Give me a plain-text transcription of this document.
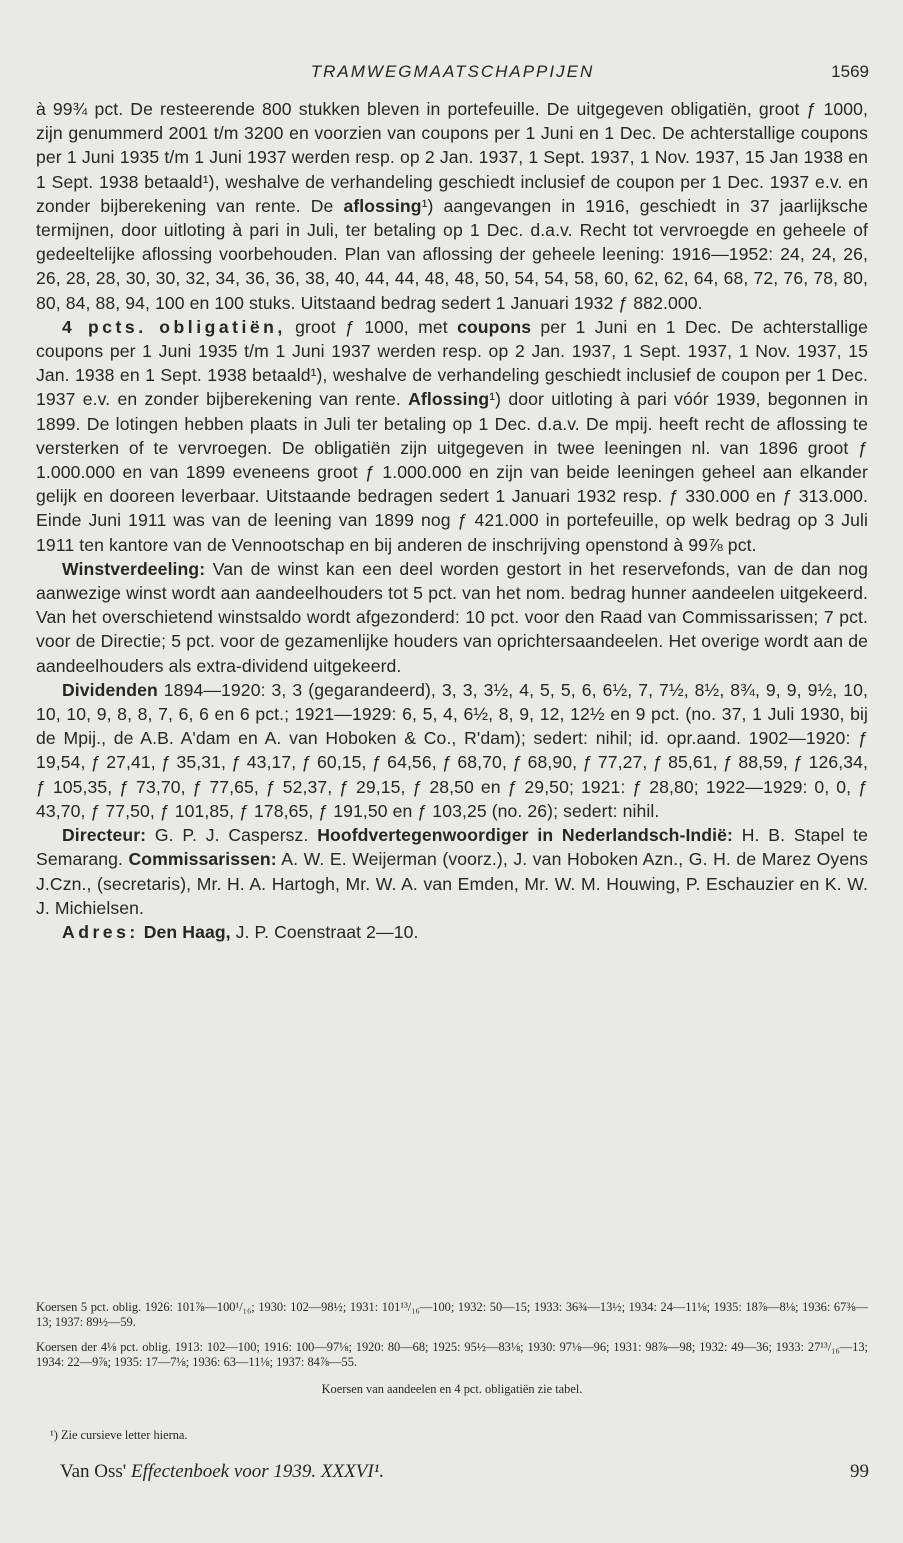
TRAMWEGMAATSCHAPPIJEN	1569

à 99¾ pct. De resteerende 800 stukken bleven in portefeuille. De uitgegeven obligatiën, groot ƒ 1000, zijn genummerd 2001 t/m 3200 en voorzien van coupons per 1 Juni en 1 Dec. De achterstallige coupons per 1 Juni 1935 t/m 1 Juni 1937 werden resp. op 2 Jan. 1937, 1 Sept. 1937, 1 Nov. 1937, 15 Jan 1938 en 1 Sept. 1938 betaald¹), weshalve de verhandeling geschiedt inclusief de coupon per 1 Dec. 1937 e.v. en zonder bijberekening van rente. De aflossing¹) aangevangen in 1916, geschiedt in 37 jaarlijksche termijnen, door uitloting à pari in Juli, ter betaling op 1 Dec. d.a.v. Recht tot vervroegde en geheele of gedeeltelijke aflossing voorbehouden. Plan van aflossing der geheele leening: 1916—1952: 24, 24, 26, 26, 28, 28, 30, 30, 32, 34, 36, 36, 38, 40, 44, 44, 48, 48, 50, 54, 54, 58, 60, 62, 62, 64, 68, 72, 76, 78, 80, 80, 84, 88, 94, 100 en 100 stuks. Uitstaand bedrag sedert 1 Januari 1932 ƒ 882.000.

4 pcts. obligatiën, groot ƒ 1000, met coupons per 1 Juni en 1 Dec. De achterstallige coupons per 1 Juni 1935 t/m 1 Juni 1937 werden resp. op 2 Jan. 1937, 1 Sept. 1937, 1 Nov. 1937, 15 Jan. 1938 en 1 Sept. 1938 betaald¹), weshalve de verhandeling geschiedt inclusief de coupon per 1 Dec. 1937 e.v. en zonder bijberekening van rente. Aflossing¹) door uitloting à pari vóór 1939, begonnen in 1899. De lotingen hebben plaats in Juli ter betaling op 1 Dec. d.a.v. De mpij. heeft recht de aflossing te versterken of te vervroegen. De obligatiën zijn uitgegeven in twee leeningen nl. van 1896 groot ƒ 1.000.000 en van 1899 eveneens groot ƒ 1.000.000 en zijn van beide leeningen geheel aan elkander gelijk en dooreen leverbaar. Uitstaande bedragen sedert 1 Januari 1932 resp. ƒ 330.000 en ƒ 313.000. Einde Juni 1911 was van de leening van 1899 nog ƒ 421.000 in portefeuille, op welk bedrag op 3 Juli 1911 ten kantore van de Vennootschap en bij anderen de inschrijving openstond à 99⅞ pct.

Winstverdeeling: Van de winst kan een deel worden gestort in het reservefonds, van de dan nog aanwezige winst wordt aan aandeelhouders tot 5 pct. van het nom. bedrag hunner aandeelen uitgekeerd. Van het overschietend winstsaldo wordt afgezonderd: 10 pct. voor den Raad van Commissarissen; 7 pct. voor de Directie; 5 pct. voor de gezamenlijke houders van oprichtersaandeelen. Het overige wordt aan de aandeelhouders als extra-dividend uitgekeerd.

Dividenden 1894—1920: 3, 3 (gegarandeerd), 3, 3, 3½, 4, 5, 5, 6, 6½, 7, 7½, 8½, 8¾, 9, 9, 9½, 10, 10, 10, 9, 8, 8, 7, 6, 6 en 6 pct.; 1921—1929: 6, 5, 4, 6½, 8, 9, 12, 12½ en 9 pct. (no. 37, 1 Juli 1930, bij de Mpij., de A.B. A'dam en A. van Hoboken & Co., R'dam); sedert: nihil; id. opr.aand. 1902—1920: ƒ 19,54, ƒ 27,41, ƒ 35,31, ƒ 43,17, ƒ 60,15, ƒ 64,56, ƒ 68,70, ƒ 68,90, ƒ 77,27, ƒ 85,61, ƒ 88,59, ƒ 126,34, ƒ 105,35, ƒ 73,70, ƒ 77,65, ƒ 52,37, ƒ 29,15, ƒ 28,50 en ƒ 29,50; 1921: ƒ 28,80; 1922—1929: 0, 0, ƒ 43,70, ƒ 77,50, ƒ 101,85, ƒ 178,65, ƒ 191,50 en ƒ 103,25 (no. 26); sedert: nihil.

Directeur: G. P. J. Caspersz. Hoofdvertegenwoordiger in Nederlandsch-Indië: H. B. Stapel te Semarang. Commissarissen: A. W. E. Weijerman (voorz.), J. van Hoboken Azn., G. H. de Marez Oyens J.Czn., (secretaris), Mr. H. A. Hartogh, Mr. W. A. van Emden, Mr. W. M. Houwing, P. Eschauzier en K. W. J. Michielsen.

Adres: Den Haag, J. P. Coenstraat 2—10.

Koersen 5 pct. oblig. 1926: 101⅞—100¹/₁₆; 1930: 102—98½; 1931: 101¹³/₁₆—100; 1932: 50—15; 1933: 36¾—13½; 1934: 24—11⅛; 1935: 18⅞—8⅛; 1936: 67⅜—13; 1937: 89½—59.

Koersen der 4⅛ pct. oblig. 1913: 102—100; 1916: 100—97⅛; 1920: 80—68; 1925: 95½—83⅛; 1930: 97⅛—96; 1931: 98⅞—98; 1932: 49—36; 1933: 27¹³/₁₆—13; 1934: 22—9⅞; 1935: 17—7⅛; 1936: 63—11⅛; 1937: 84⅞—55.

Koersen van aandeelen en 4 pct. obligatiën zie tabel.

¹) Zie cursieve letter hierna.
Van Oss' Effectenboek voor 1939. XXXVI¹.	99
